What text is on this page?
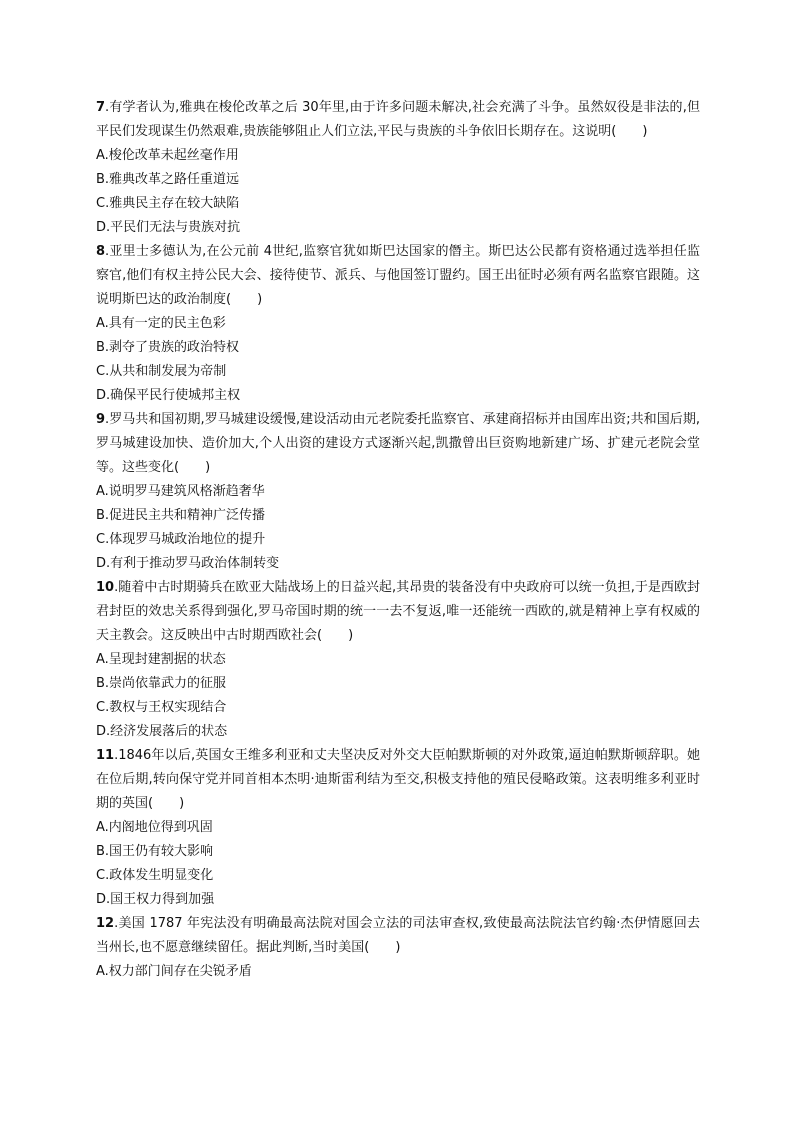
7.有学者认为,雅典在梭伦改革之后 30年里,由于许多问题未解决,社会充满了斗争。虽然奴役是非法的,但平民们发现谋生仍然艰难,贵族能够阻止人们立法,平民与贵族的斗争依旧长期存在。这说明(　　)

A.梭伦改革未起丝毫作用

B.雅典改革之路任重道远

C.雅典民主存在较大缺陷

D.平民们无法与贵族对抗

8.亚里士多德认为,在公元前 4世纪,监察官犹如斯巴达国家的僭主。斯巴达公民都有资格通过选举担任监察官,他们有权主持公民大会、接待使节、派兵、与他国签订盟约。国王出征时必须有两名监察官跟随。这说明斯巴达的政治制度(　　)

A.具有一定的民主色彩

B.剥夺了贵族的政治特权

C.从共和制发展为帝制

D.确保平民行使城邦主权

9.罗马共和国初期,罗马城建设缓慢,建设活动由元老院委托监察官、承建商招标并由国库出资;共和国后期,罗马城建设加快、造价加大,个人出资的建设方式逐渐兴起,凯撒曾出巨资购地新建广场、扩建元老院会堂等。这些变化(　　)

A.说明罗马建筑风格渐趋奢华

B.促进民主共和精神广泛传播

C.体现罗马城政治地位的提升

D.有利于推动罗马政治体制转变

10.随着中古时期骑兵在欧亚大陆战场上的日益兴起,其昂贵的装备没有中央政府可以统一负担,于是西欧封君封臣的效忠关系得到强化,罗马帝国时期的统一一去不复返,唯一还能统一西欧的,就是精神上享有权威的天主教会。这反映出中古时期西欧社会(　　)

A.呈现封建割据的状态

B.崇尚依靠武力的征服

C.教权与王权实现结合

D.经济发展落后的状态

11.1846年以后,英国女王维多利亚和丈夫坚决反对外交大臣帕默斯顿的对外政策,逼迫帕默斯顿辞职。她在位后期,转向保守党并同首相本杰明·迪斯雷利结为至交,积极支持他的殖民侵略政策。这表明维多利亚时期的英国(　　)

A.内阁地位得到巩固

B.国王仍有较大影响

C.政体发生明显变化

D.国王权力得到加强

12.美国 1787 年宪法没有明确最高法院对国会立法的司法审查权,致使最高法院法官约翰·杰伊情愿回去当州长,也不愿意继续留任。据此判断,当时美国(　　)

A.权力部门间存在尖锐矛盾
